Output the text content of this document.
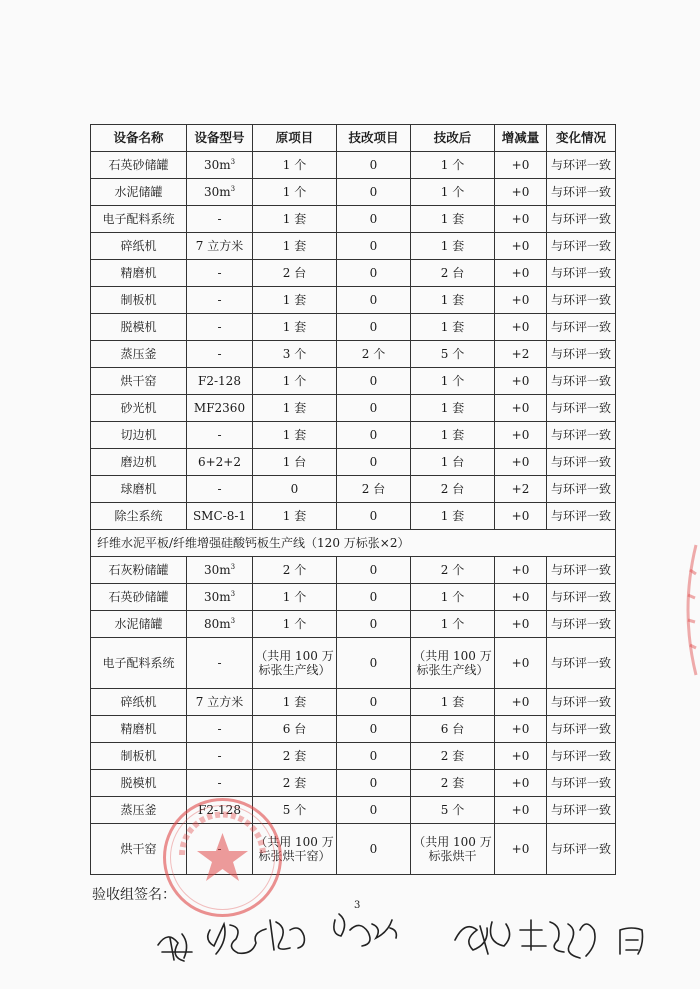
设备名称	设备型号	原项目	技改项目	技改后	增减量	变化情况
石英砂储罐	$30m^3$	1 个	0	1 个	+0	与环评一致
水泥储罐	$30m^3$	1 个	0	1 个	+0	与环评一致
电子配料系统	-	1 套	0	1 套	+0	与环评一致
碎纸机	7 立方米	1 套	0	1 套	+0	与环评一致
精磨机	-	2 台	0	2 台	+0	与环评一致
制板机	-	1 套	0	1 套	+0	与环评一致
脱模机	-	1 套	0	1 套	+0	与环评一致
蒸压釜	-	3 个	2 个	5 个	+2	与环评一致
烘干窑	F2-128	1 个	0	1 个	+0	与环评一致
砂光机	MF2360	1 套	0	1 套	+0	与环评一致
切边机	-	1 套	0	1 套	+0	与环评一致
磨边机	6+2+2	1 台	0	1 台	+0	与环评一致
球磨机	-	0	2 台	2 台	+2	与环评一致
除尘系统	SMC-8-1	1 套	0	1 套	+0	与环评一致
纤维水泥平板/纤维增强硅酸钙板生产线（120 万标张×2）						
石灰粉储罐	$30m^3$	2 个	0	2 个	+0	与环评一致
石英砂储罐	$30m^3$	1 个	0	1 个	+0	与环评一致
水泥储罐	$80m^3$	1 个	0	1 个	+0	与环评一致
电子配料系统	-	（共用 100 万标张生产线）	0	（共用 100 万标张生产线）	+0	与环评一致
碎纸机	7 立方米	1 套	0	1 套	+0	与环评一致
精磨机	-	6 台	0	6 台	+0	与环评一致
制板机	-	2 套	0	2 套	+0	与环评一致
脱模机	-	2 套	0	2 套	+0	与环评一致
蒸压釜	F2-128	5 个	0	5 个	+0	与环评一致
烘干窑		（共用 100 万标张烘干窑）	0	（共用 100 万标张烘干	+0	与环评一致
验收组签名：
3
